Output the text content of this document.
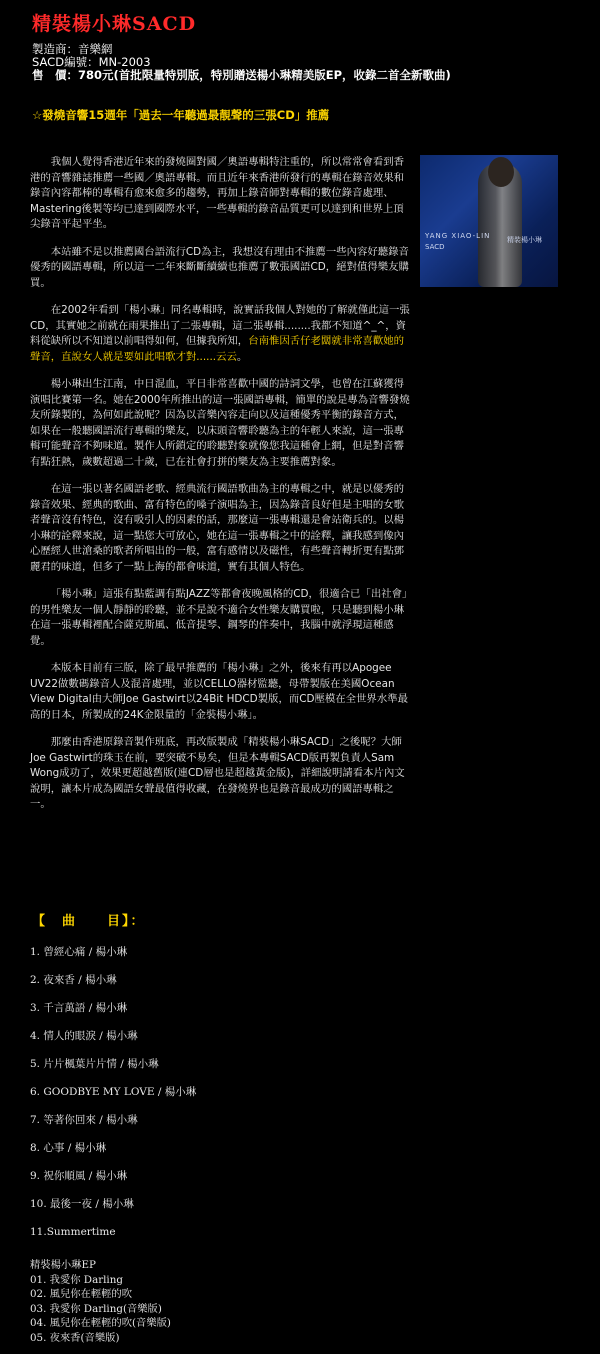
精裝楊小琳SACD
製造商：音樂網
SACD編號：MN-2003
售　價：780元(首批限量特別版，特別贈送楊小琳精美版EP，收錄二首全新歌曲)
☆發燒音響15週年「過去一年聽過最靚聲的三張CD」推薦
YANG XIAO-LIN
SACD
精裝楊小琳

我個人覺得香港近年來的發燒圈對國／奧語專輯特注重的，所以常常會看到香港的音響雜誌推薦一些國／奧語專輯。而且近年來香港所發行的專輯在錄音效果和錄音內容都棒的專輯有愈來愈多的趨勢，再加上錄音師對專輯的數位錄音處理、Mastering後製等均已達到國際水平，一些專輯的錄音品質更可以達到和世界上頂尖錄音平起平坐。

本站雖不是以推薦國台語流行CD為主，我想沒有理由不推薦一些內容好聽錄音優秀的國語專輯，所以這一二年來斷斷續續也推薦了數張國語CD，絕對值得樂友購買。

在2002年看到「楊小琳」同名專輯時，說實話我個人對她的了解就僅此這一張CD，其實她之前就在雨果推出了二張專輯，這二張專輯........我都不知道^_^，資料從缺所以不知道以前唱得如何，但據我所知，台南惟因舌仔老闆就非常喜歡她的聲音，直說女人就是要如此唱歌才對......云云。

楊小琳出生江南，中日混血，平日非常喜歡中國的詩詞文學，也曾在江蘇獲得演唱比賽第一名。她在2000年所推出的這一張國語專輯，簡單的說是專為音響發燒友所錄製的，為何如此說呢？因為以音樂內容走向以及這種優秀平衡的錄音方式，如果在一般聽國語流行專輯的樂友，以床頭音響聆聽為主的年輕人來說，這一張專輯可能聲音不夠味道。製作人所鎖定的聆聽對象就像您我這種會上網，但是對音響有點狂熱，歲數超過二十歲，已在社會打拼的樂友為主要推薦對象。

在這一張以著名國語老歌、經典流行國語歌曲為主的專輯之中，就是以優秀的錄音效果、經典的歌曲、富有特色的嗓子演唱為主，因為錄音良好但是主唱的女歌者聲音沒有特色，沒有吸引人的因素的話，那麼這一張專輯還是會站衛兵的。以楊小琳的詮釋來說，這一點您大可放心，她在這一張專輯之中的詮釋，讓我感到像內心歷經人世滄桑的歌者所唱出的一般，富有感情以及磁性，有些聲音轉折更有點鄧麗君的味道，但多了一點上海的都會味道，實有其個人特色。

「楊小琳」這張有點藍調有點JAZZ等都會夜晚風格的CD，很適合已「出社會」的男性樂友一個人靜靜的聆聽，並不是說不適合女性樂友購買啦，只是聽到楊小琳在這一張專輯裡配合薩克斯風、低音提琴、鋼琴的伴奏中，我腦中就浮現這種感覺。

本版本目前有三版，除了最早推薦的「楊小琳」之外，後來有再以Apogee UV22做數碼錄音人及混音處理，並以CELLO器材監聽，母帶製版在美國Ocean View Digital由大師Joe Gastwirt以24Bit HDCD製版，而CD壓模在全世界水準最高的日本，所製成的24K金限量的「金裝楊小琳」。

那麼由香港原錄音製作班底，再改版製成「精裝楊小琳SACD」之後呢？大師Joe Gastwirt的珠玉在前，要突破不易矣，但是本專輯SACD版再製負責人Sam Wong成功了，效果更超越舊版(連CD層也是超越黃金版)，詳細說明請看本片內文說明，讓本片成為國語女聲最值得收藏，在發燒界也是錄音最成功的國語專輯之一。

【　曲　　目】：
1. 曾經心痛 / 楊小琳
2. 夜來香 / 楊小琳
3. 千言萬語 / 楊小琳
4. 情人的眼淚 / 楊小琳
5. 片片楓葉片片情 / 楊小琳
6. GOODBYE MY LOVE / 楊小琳
7. 等著你回來 / 楊小琳
8. 心事 / 楊小琳
9. 祝你順風 / 楊小琳
10. 最後一夜 / 楊小琳
11.Summertime
精裝楊小琳EP
01. 我愛你 Darling
02. 風兒你在輕輕的吹
03. 我愛你 Darling(音樂版)
04. 風兒你在輕輕的吹(音樂版)
05. 夜來香(音樂版)
